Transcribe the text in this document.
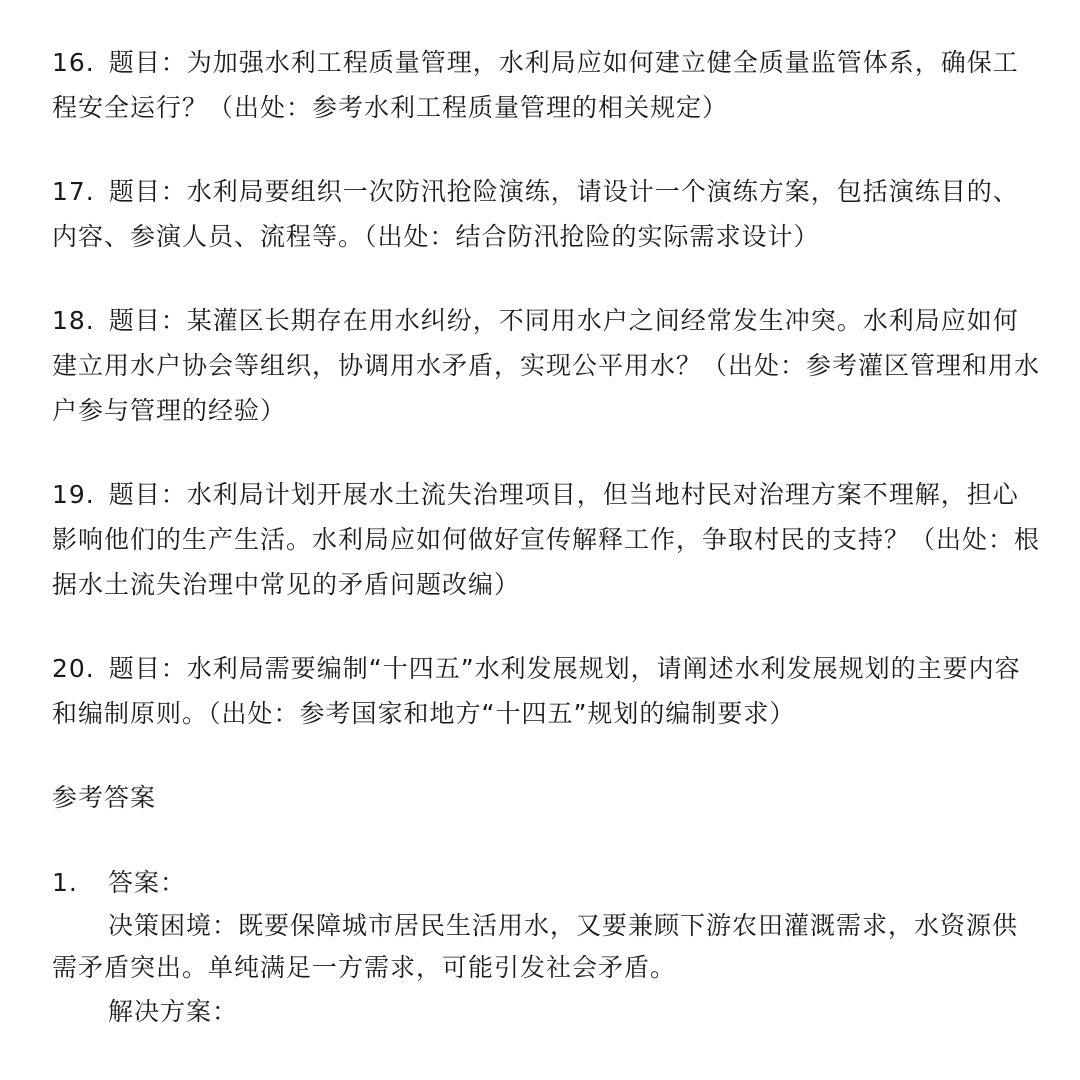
16. 题目：为加强水利工程质量管理，水利局应如何建立健全质量监管体系，确保工程安全运行？（出处：参考水利工程质量管理的相关规定）
17. 题目：水利局要组织一次防汛抢险演练，请设计一个演练方案，包括演练目的、内容、参演人员、流程等。（出处：结合防汛抢险的实际需求设计）
18. 题目：某灌区长期存在用水纠纷，不同用水户之间经常发生冲突。水利局应如何建立用水户协会等组织，协调用水矛盾，实现公平用水？（出处：参考灌区管理和用水户参与管理的经验）
19. 题目：水利局计划开展水土流失治理项目，但当地村民对治理方案不理解，担心影响他们的生产生活。水利局应如何做好宣传解释工作，争取村民的支持？（出处：根据水土流失治理中常见的矛盾问题改编）
20. 题目：水利局需要编制“十四五”水利发展规划，请阐述水利发展规划的主要内容和编制原则。（出处：参考国家和地方“十四五”规划的编制要求）
参考答案
1. 答案：
决策困境：既要保障城市居民生活用水，又要兼顾下游农田灌溉需求，水资源供需矛盾突出。单纯满足一方需求，可能引发社会矛盾。
解决方案：
